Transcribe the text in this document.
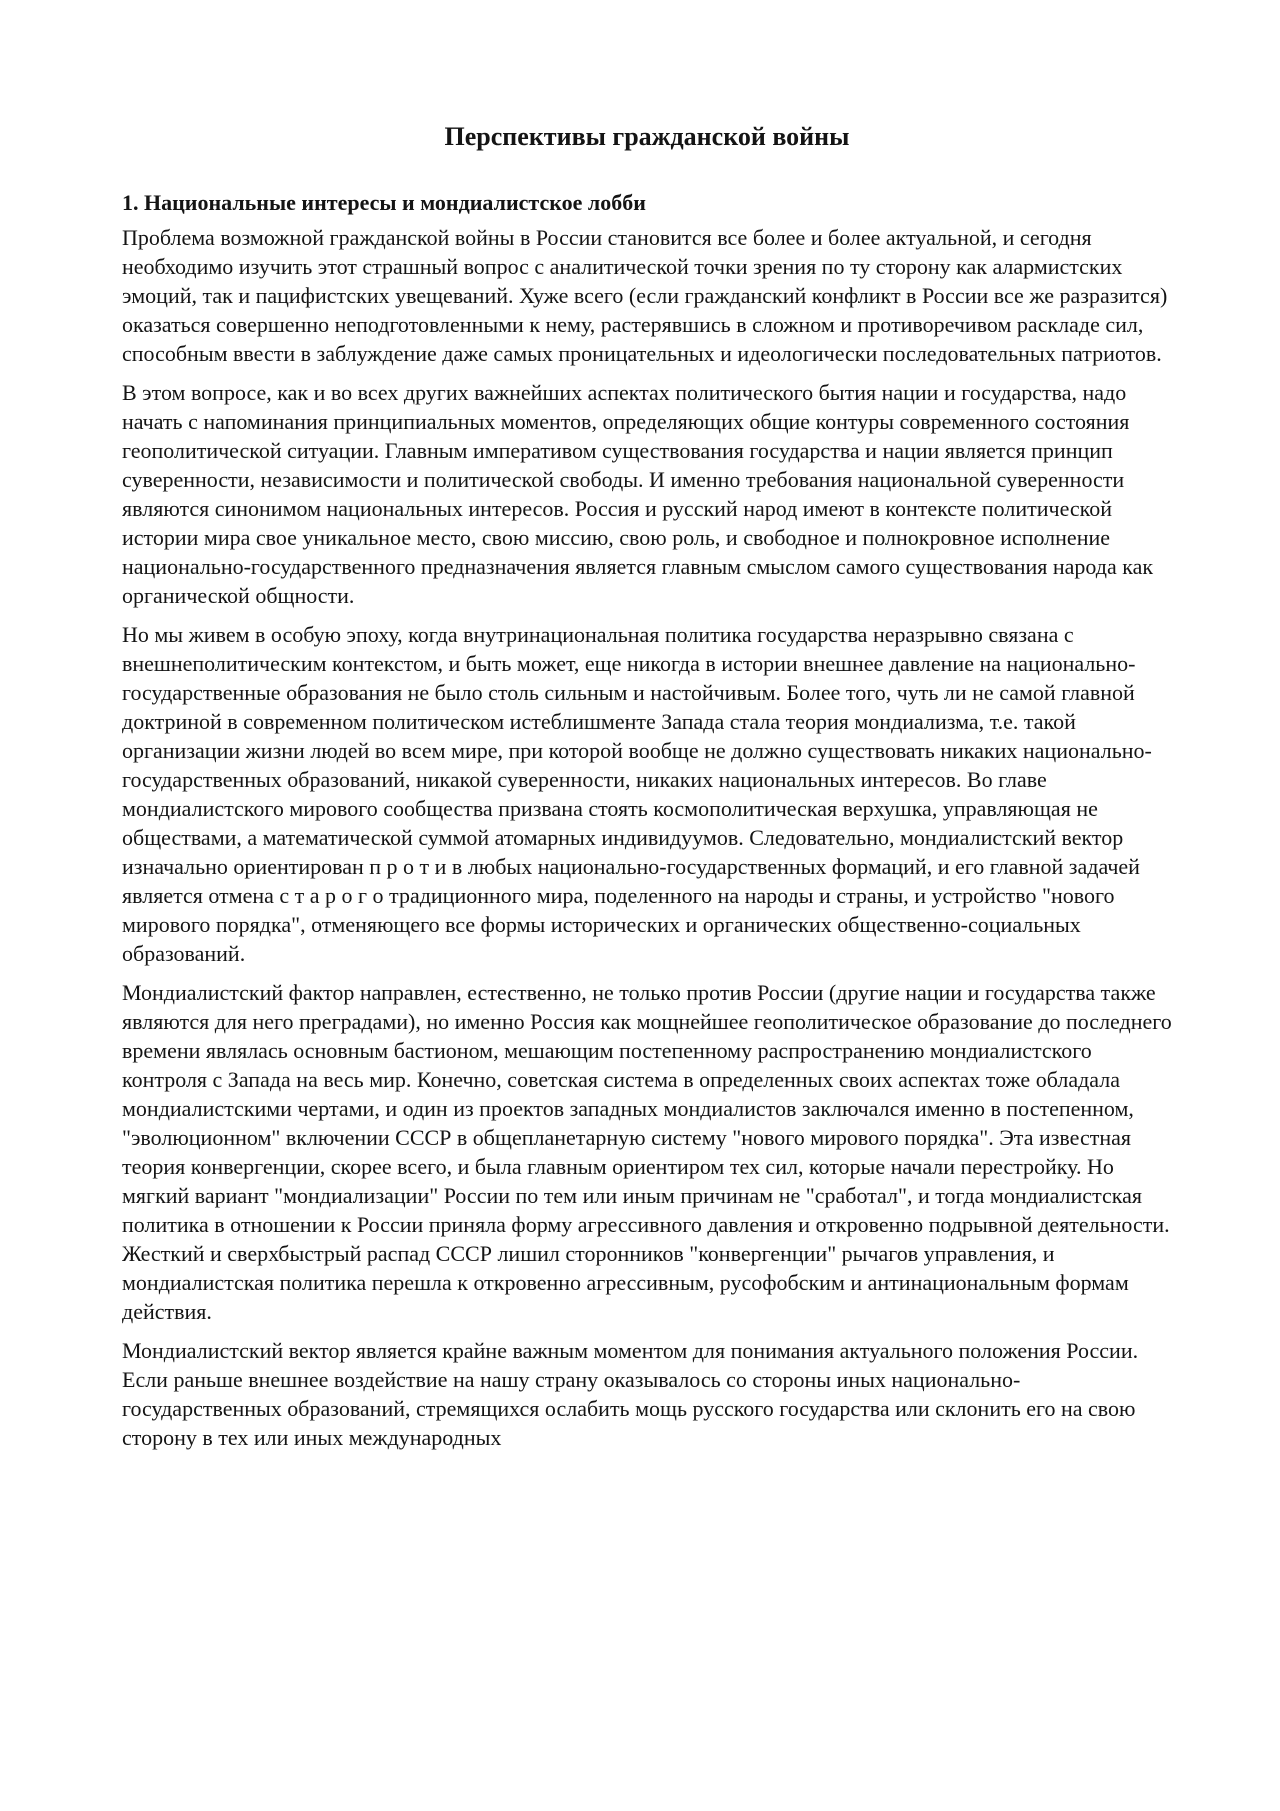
Перспективы гражданской войны
1. Национальные интересы и мондиалистское лобби

Проблема возможной гражданской войны в России становится все более и более актуальной, и сегодня необходимо изучить этот страшный вопрос с аналитической точки зрения по ту сторону как алармистских эмоций, так и пацифистских увещеваний. Хуже всего (если гражданский конфликт в России все же разразится) оказаться совершенно неподготовленными к нему, растерявшись в сложном и противоречивом раскладе сил, способным ввести в заблуждение даже самых проницательных и идеологически последовательных патриотов.

В этом вопросе, как и во всех других важнейших аспектах политического бытия нации и государства, надо начать с напоминания принципиальных моментов, определяющих общие контуры современного состояния геополитической ситуации. Главным императивом существования государства и нации является принцип суверенности, независимости и политической свободы. И именно требования национальной суверенности являются синонимом национальных интересов. Россия и русский народ имеют в контексте политической истории мира свое уникальное место, свою миссию, свою роль, и свободное и полнокровное исполнение национально-государственного предназначения является главным смыслом самого существования народа как органической общности.

Но мы живем в особую эпоху, когда внутринациональная политика государства неразрывно связана с внешнеполитическим контекстом, и быть может, еще никогда в истории внешнее давление на национально-государственные образования не было столь сильным и настойчивым. Более того, чуть ли не самой главной доктриной в современном политическом истеблишменте Запада стала теория мондиализма, т.е. такой организации жизни людей во всем мире, при которой вообще не должно существовать никаких национально-государственных образований, никакой суверенности, никаких национальных интересов. Во главе мондиалистского мирового сообщества призвана стоять космополитическая верхушка, управляющая не обществами, а математической суммой атомарных индивидуумов. Следовательно, мондиалистский вектор изначально ориентирован п р о т и в любых национально-государственных формаций, и его главной задачей является отмена с т а р о г о традиционного мира, поделенного на народы и страны, и устройство "нового мирового порядка", отменяющего все формы исторических и органических общественно-социальных образований.

Мондиалистский фактор направлен, естественно, не только против России (другие нации и государства также являются для него преградами), но именно Россия как мощнейшее геополитическое образование до последнего времени являлась основным бастионом, мешающим постепенному распространению мондиалистского контроля с Запада на весь мир. Конечно, советская система в определенных своих аспектах тоже обладала мондиалистскими чертами, и один из проектов западных мондиалистов заключался именно в постепенном, "эволюционном" включении СССР в общепланетарную систему "нового мирового порядка". Эта известная теория конвергенции, скорее всего, и была главным ориентиром тех сил, которые начали перестройку. Но мягкий вариант "мондиализации" России по тем или иным причинам не "сработал", и тогда мондиалистская политика в отношении к России приняла форму агрессивного давления и откровенно подрывной деятельности. Жесткий и сверхбыстрый распад СССР лишил сторонников "конвергенции" рычагов управления, и мондиалистская политика перешла к откровенно агрессивным, русофобским и антинациональным формам действия.

Мондиалистский вектор является крайне важным моментом для понимания актуального положения России. Если раньше внешнее воздействие на нашу страну оказывалось со стороны иных национально-государственных образований, стремящихся ослабить мощь русского государства или склонить его на свою сторону в тех или иных международных
